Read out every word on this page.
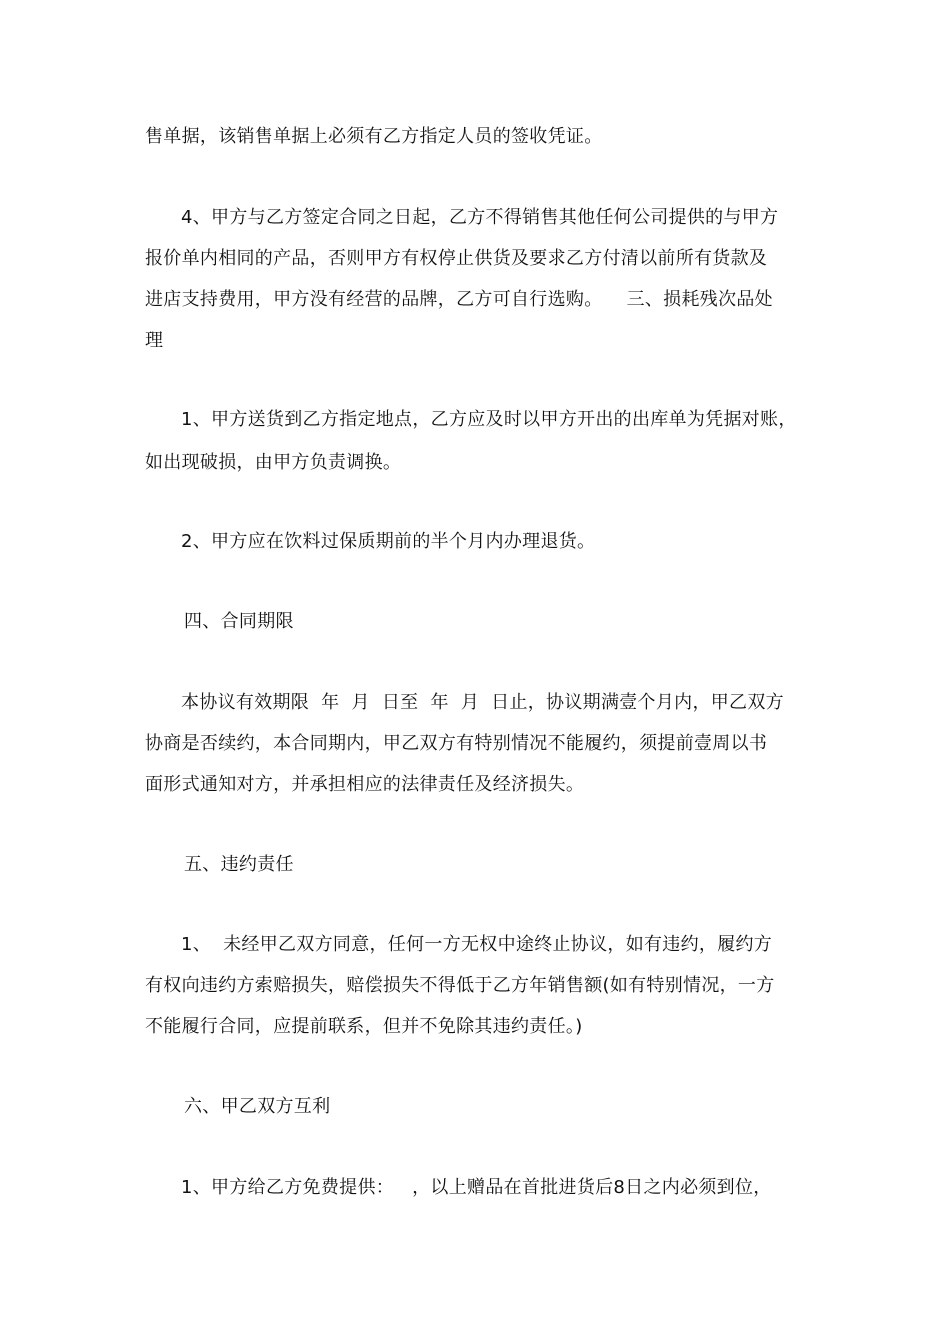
售单据，该销售单据上必须有乙方指定人员的签收凭证。
4、甲方与乙方签定合同之日起，乙方不得销售其他任何公司提供的与甲方
报价单内相同的产品，否则甲方有权停止供货及要求乙方付清以前所有货款及
进店支持费用，甲方没有经营的品牌，乙方可自行选购。    三、损耗残次品处
理
1、甲方送货到乙方指定地点，乙方应及时以甲方开出的出库单为凭据对账，
如出现破损，由甲方负责调换。
2、甲方应在饮料过保质期前的半个月内办理退货。
四、合同期限
本协议有效期限  年  月  日至  年  月  日止，协议期满壹个月内，甲乙双方
协商是否续约，本合同期内，甲乙双方有特别情况不能履约，须提前壹周以书
面形式通知对方，并承担相应的法律责任及经济损失。
五、违约责任
1、  未经甲乙双方同意，任何一方无权中途终止协议，如有违约，履约方
有权向违约方索赔损失，赔偿损失不得低于乙方年销售额(如有特别情况，一方
不能履行合同，应提前联系，但并不免除其违约责任。)
六、甲乙双方互利
1、甲方给乙方免费提供：   ，以上赠品在首批进货后8日之内必须到位，
